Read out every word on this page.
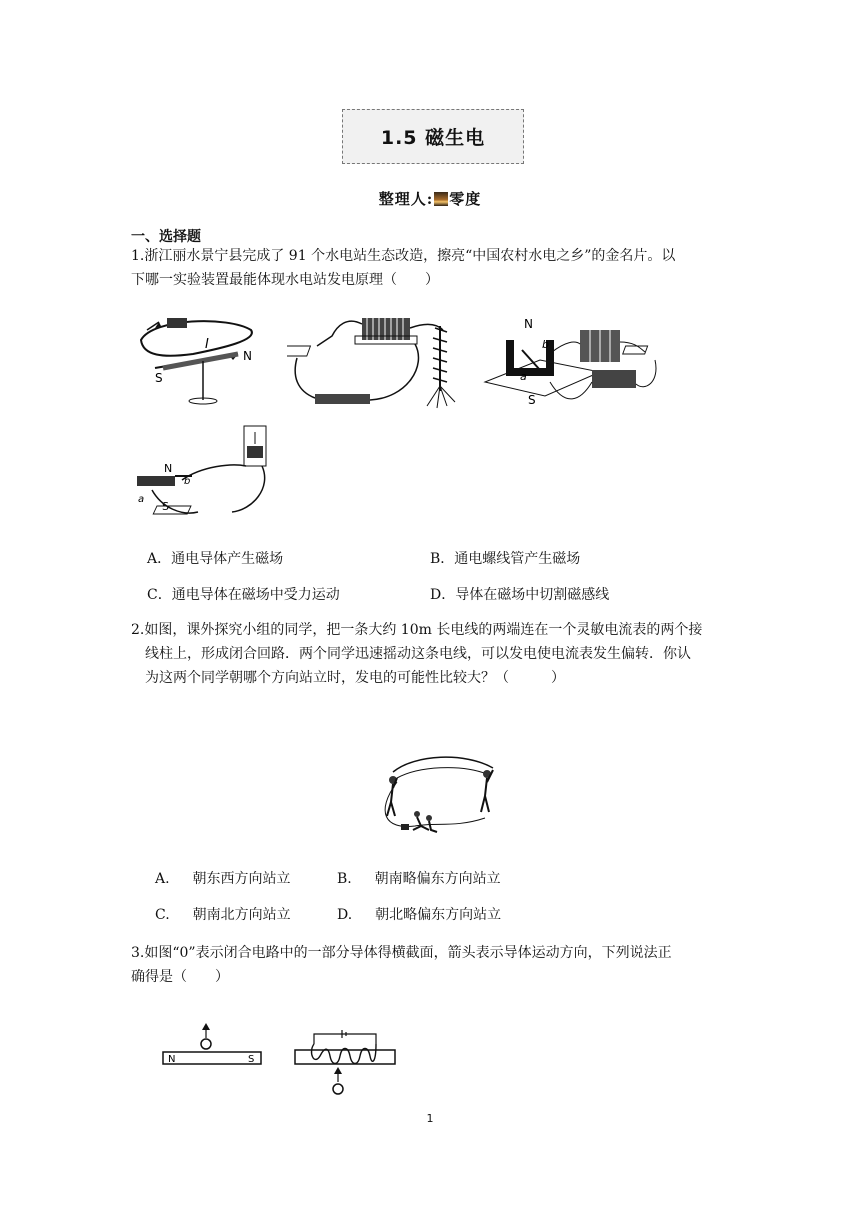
1.5 磁生电
整理人: 零度
一、选择题
1.浙江丽水景宁县完成了 91 个水电站生态改造，擦亮“中国农村水电之乡”的金名片。以
下哪一实验装置最能体现水电站发电原理（　　）
I
N
S
N
S
b
a
N
S
b
a
A．通电导体产生磁场	B．通电螺线管产生磁场
C．通电导体在磁场中受力运动	D．导体在磁场中切割磁感线
2.如图，课外探究小组的同学，把一条大约 10m 长电线的两端连在一个灵敏电流表的两个接
线柱上，形成闭合回路．两个同学迅速摇动这条电线，可以发电使电流表发生偏转．你认
为这两个同学朝哪个方向站立时，发电的可能性比较大？（　　　）
A. 朝东西方向站立	B. 朝南略偏东方向站立
C. 朝南北方向站立	D. 朝北略偏东方向站立
3.如图“0”表示闭合电路中的一部分导体得横截面，箭头表示导体运动方向，下列说法正
确得是（　　）
N	S
1
